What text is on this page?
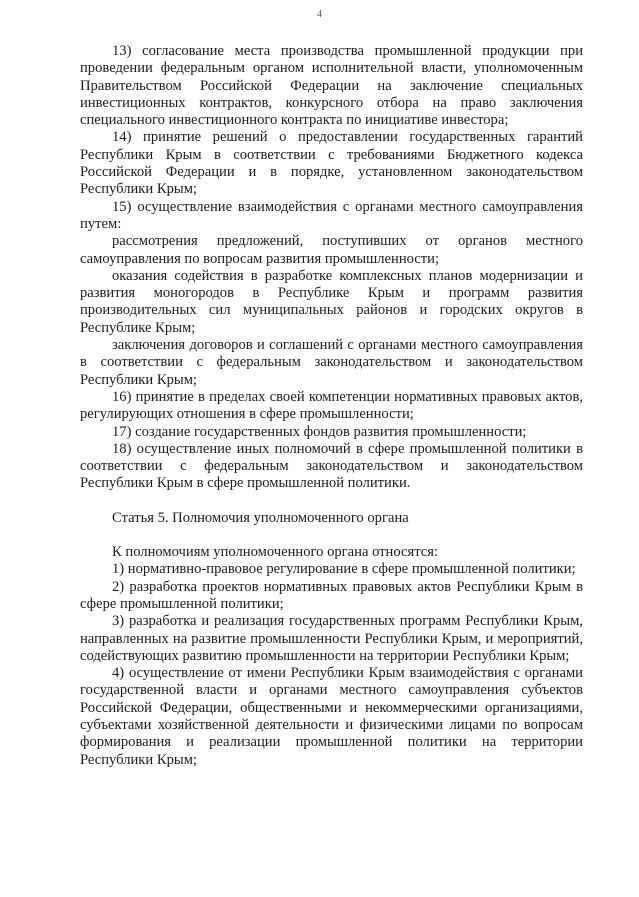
4

13) согласование места производства промышленной продукции при проведении федеральным органом исполнительной власти, уполномоченным Правительством Российской Федерации на заключение специальных инвестиционных контрактов, конкурсного отбора на право заключения специального инвестиционного контракта по инициативе инвестора;

14) принятие решений о предоставлении государственных гарантий Республики Крым в соответствии с требованиями Бюджетного кодекса Российской Федерации и в порядке, установленном законодательством Республики Крым;

15) осуществление взаимодействия с органами местного самоуправления путем:

рассмотрения предложений, поступивших от органов местного самоуправления по вопросам развития промышленности;

оказания содействия в разработке комплексных планов модернизации и развития моногородов в Республике Крым и программ развития производительных сил муниципальных районов и городских округов в Республике Крым;

заключения договоров и соглашений с органами местного самоуправления в соответствии с федеральным законодательством и законодательством Республики Крым;

16) принятие в пределах своей компетенции нормативных правовых актов, регулирующих отношения в сфере промышленности;

17) создание государственных фондов развития промышленности;

18) осуществление иных полномочий в сфере промышленной политики в соответствии с федеральным законодательством и законодательством Республики Крым в сфере промышленной политики.

Статья 5. Полномочия уполномоченного органа

К полномочиям уполномоченного органа относятся:

1) нормативно-правовое регулирование в сфере промышленной политики;

2) разработка проектов нормативных правовых актов Республики Крым в сфере промышленной политики;

3) разработка и реализация государственных программ Республики Крым, направленных на развитие промышленности Республики Крым, и мероприятий, содействующих развитию промышленности на территории Республики Крым;

4) осуществление от имени Республики Крым взаимодействия с органами государственной власти и органами местного самоуправления субъектов Российской Федерации, общественными и некоммерческими организациями, субъектами хозяйственной деятельности и физическими лицами по вопросам формирования и реализации промышленной политики на территории Республики Крым;
